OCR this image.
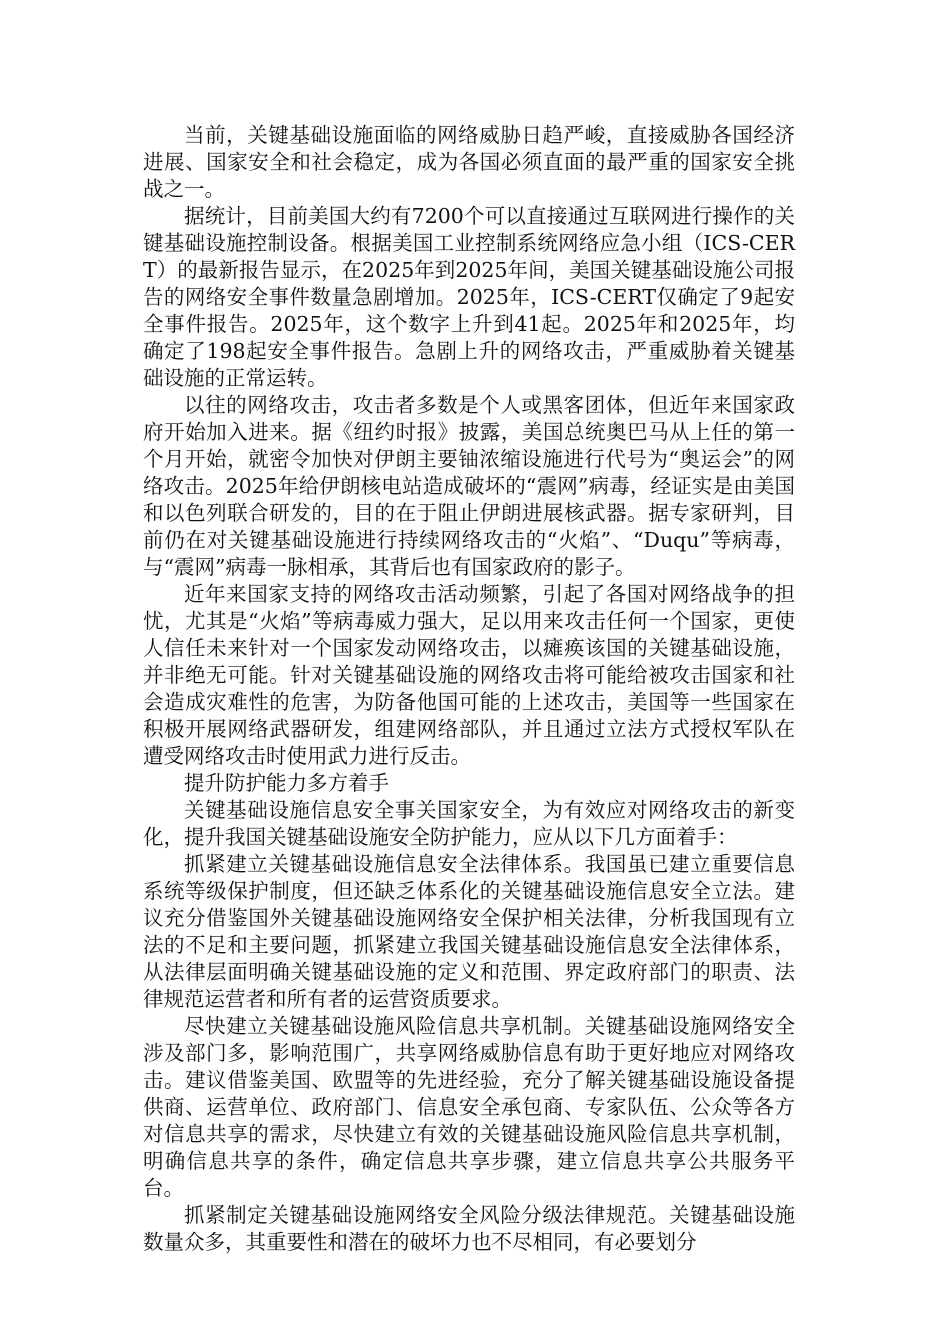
当前，关键基础设施面临的网络威胁日趋严峻，直接威胁各国经济进展、国家安全和社会稳定，成为各国必须直面的最严重的国家安全挑战之一。

据统计，目前美国大约有7200个可以直接通过互联网进行操作的关键基础设施控制设备。根据美国工业控制系统网络应急小组（ICS-CERT）的最新报告显示，在2025年到2025年间，美国关键基础设施公司报告的网络安全事件数量急剧增加。2025年，ICS-CERT仅确定了9起安全事件报告。2025年，这个数字上升到41起。2025年和2025年，均确定了198起安全事件报告。急剧上升的网络攻击，严重威胁着关键基础设施的正常运转。

以往的网络攻击，攻击者多数是个人或黑客团体，但近年来国家政府开始加入进来。据《纽约时报》披露，美国总统奥巴马从上任的第一个月开始，就密令加快对伊朗主要铀浓缩设施进行代号为“奥运会”的网络攻击。2025年给伊朗核电站造成破坏的“震网”病毒，经证实是由美国和以色列联合研发的，目的在于阻止伊朗进展核武器。据专家研判，目前仍在对关键基础设施进行持续网络攻击的“火焰”、“Duqu”等病毒，与“震网”病毒一脉相承，其背后也有国家政府的影子。

近年来国家支持的网络攻击活动频繁，引起了各国对网络战争的担忧，尤其是“火焰”等病毒威力强大，足以用来攻击任何一个国家，更使人信任未来针对一个国家发动网络攻击，以瘫痪该国的关键基础设施，并非绝无可能。针对关键基础设施的网络攻击将可能给被攻击国家和社会造成灾难性的危害，为防备他国可能的上述攻击，美国等一些国家在积极开展网络武器研发，组建网络部队，并且通过立法方式授权军队在遭受网络攻击时使用武力进行反击。

提升防护能力多方着手

关键基础设施信息安全事关国家安全，为有效应对网络攻击的新变化，提升我国关键基础设施安全防护能力，应从以下几方面着手：

抓紧建立关键基础设施信息安全法律体系。我国虽已建立重要信息系统等级保护制度，但还缺乏体系化的关键基础设施信息安全立法。建议充分借鉴国外关键基础设施网络安全保护相关法律，分析我国现有立法的不足和主要问题，抓紧建立我国关键基础设施信息安全法律体系，从法律层面明确关键基础设施的定义和范围、界定政府部门的职责、法律规范运营者和所有者的运营资质要求。

尽快建立关键基础设施风险信息共享机制。关键基础设施网络安全涉及部门多，影响范围广，共享网络威胁信息有助于更好地应对网络攻击。建议借鉴美国、欧盟等的先进经验，充分了解关键基础设施设备提供商、运营单位、政府部门、信息安全承包商、专家队伍、公众等各方对信息共享的需求，尽快建立有效的关键基础设施风险信息共享机制，明确信息共享的条件，确定信息共享步骤，建立信息共享公共服务平台。

抓紧制定关键基础设施网络安全风险分级法律规范。关键基础设施数量众多，其重要性和潜在的破坏力也不尽相同，有必要划分
